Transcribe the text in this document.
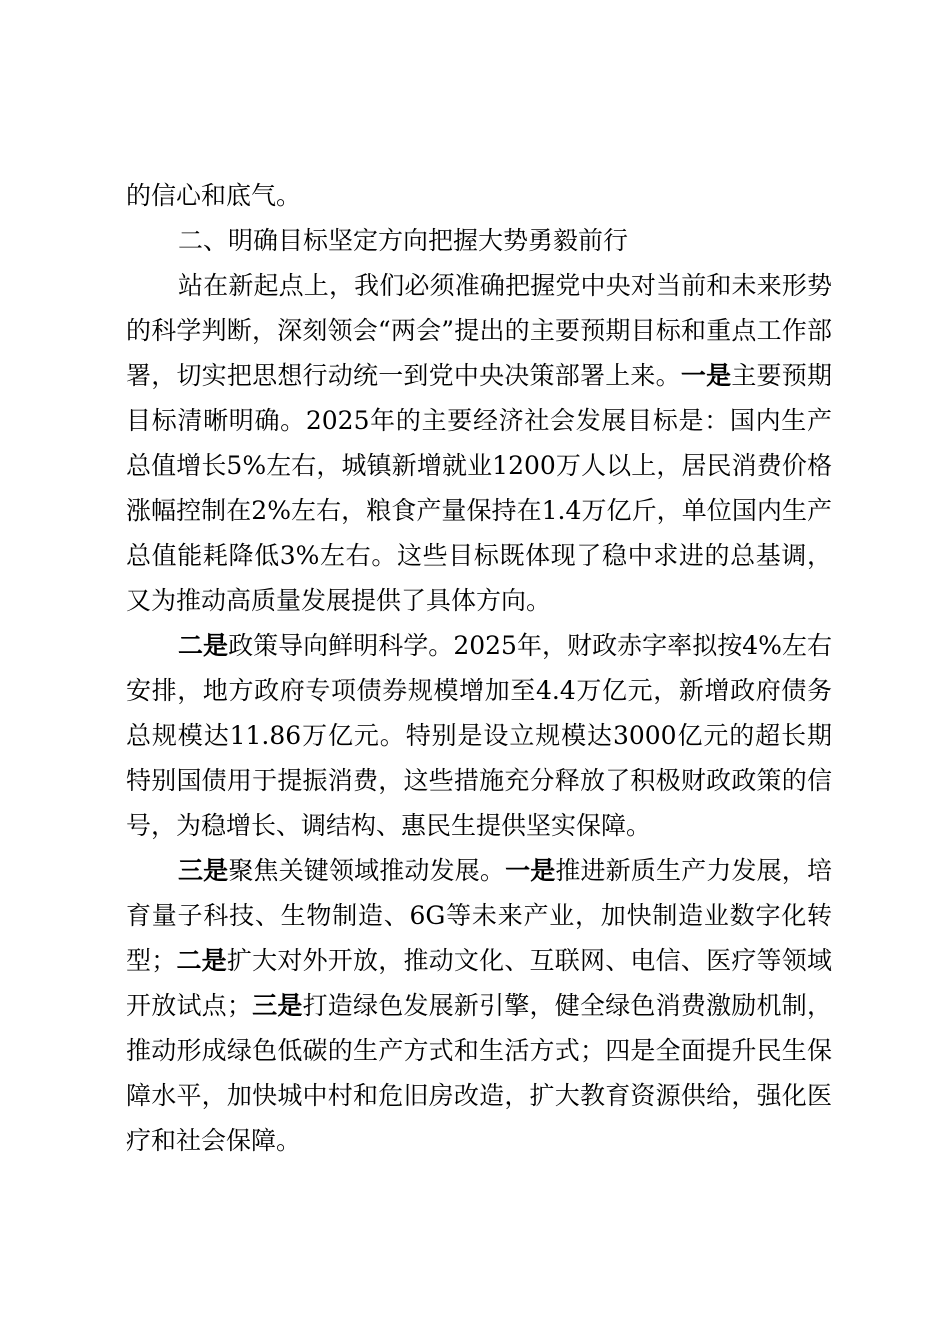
的信心和底气。

二、明确目标坚定方向把握大势勇毅前行

站在新起点上，我们必须准确把握党中央对当前和未来形势的科学判断，深刻领会“两会”提出的主要预期目标和重点工作部署，切实把思想行动统一到党中央决策部署上来。一是主要预期目标清晰明确。2025年的主要经济社会发展目标是：国内生产总值增长5%左右，城镇新增就业1200万人以上，居民消费价格涨幅控制在2%左右，粮食产量保持在1.4万亿斤，单位国内生产总值能耗降低3%左右。这些目标既体现了稳中求进的总基调，又为推动高质量发展提供了具体方向。

二是政策导向鲜明科学。2025年，财政赤字率拟按4%左右安排，地方政府专项债券规模增加至4.4万亿元，新增政府债务总规模达11.86万亿元。特别是设立规模达3000亿元的超长期特别国债用于提振消费，这些措施充分释放了积极财政政策的信号，为稳增长、调结构、惠民生提供坚实保障。

三是聚焦关键领域推动发展。一是推进新质生产力发展，培育量子科技、生物制造、6G等未来产业，加快制造业数字化转型；二是扩大对外开放，推动文化、互联网、电信、医疗等领域开放试点；三是打造绿色发展新引擎，健全绿色消费激励机制，推动形成绿色低碳的生产方式和生活方式；四是全面提升民生保障水平，加快城中村和危旧房改造，扩大教育资源供给，强化医疗和社会保障。
